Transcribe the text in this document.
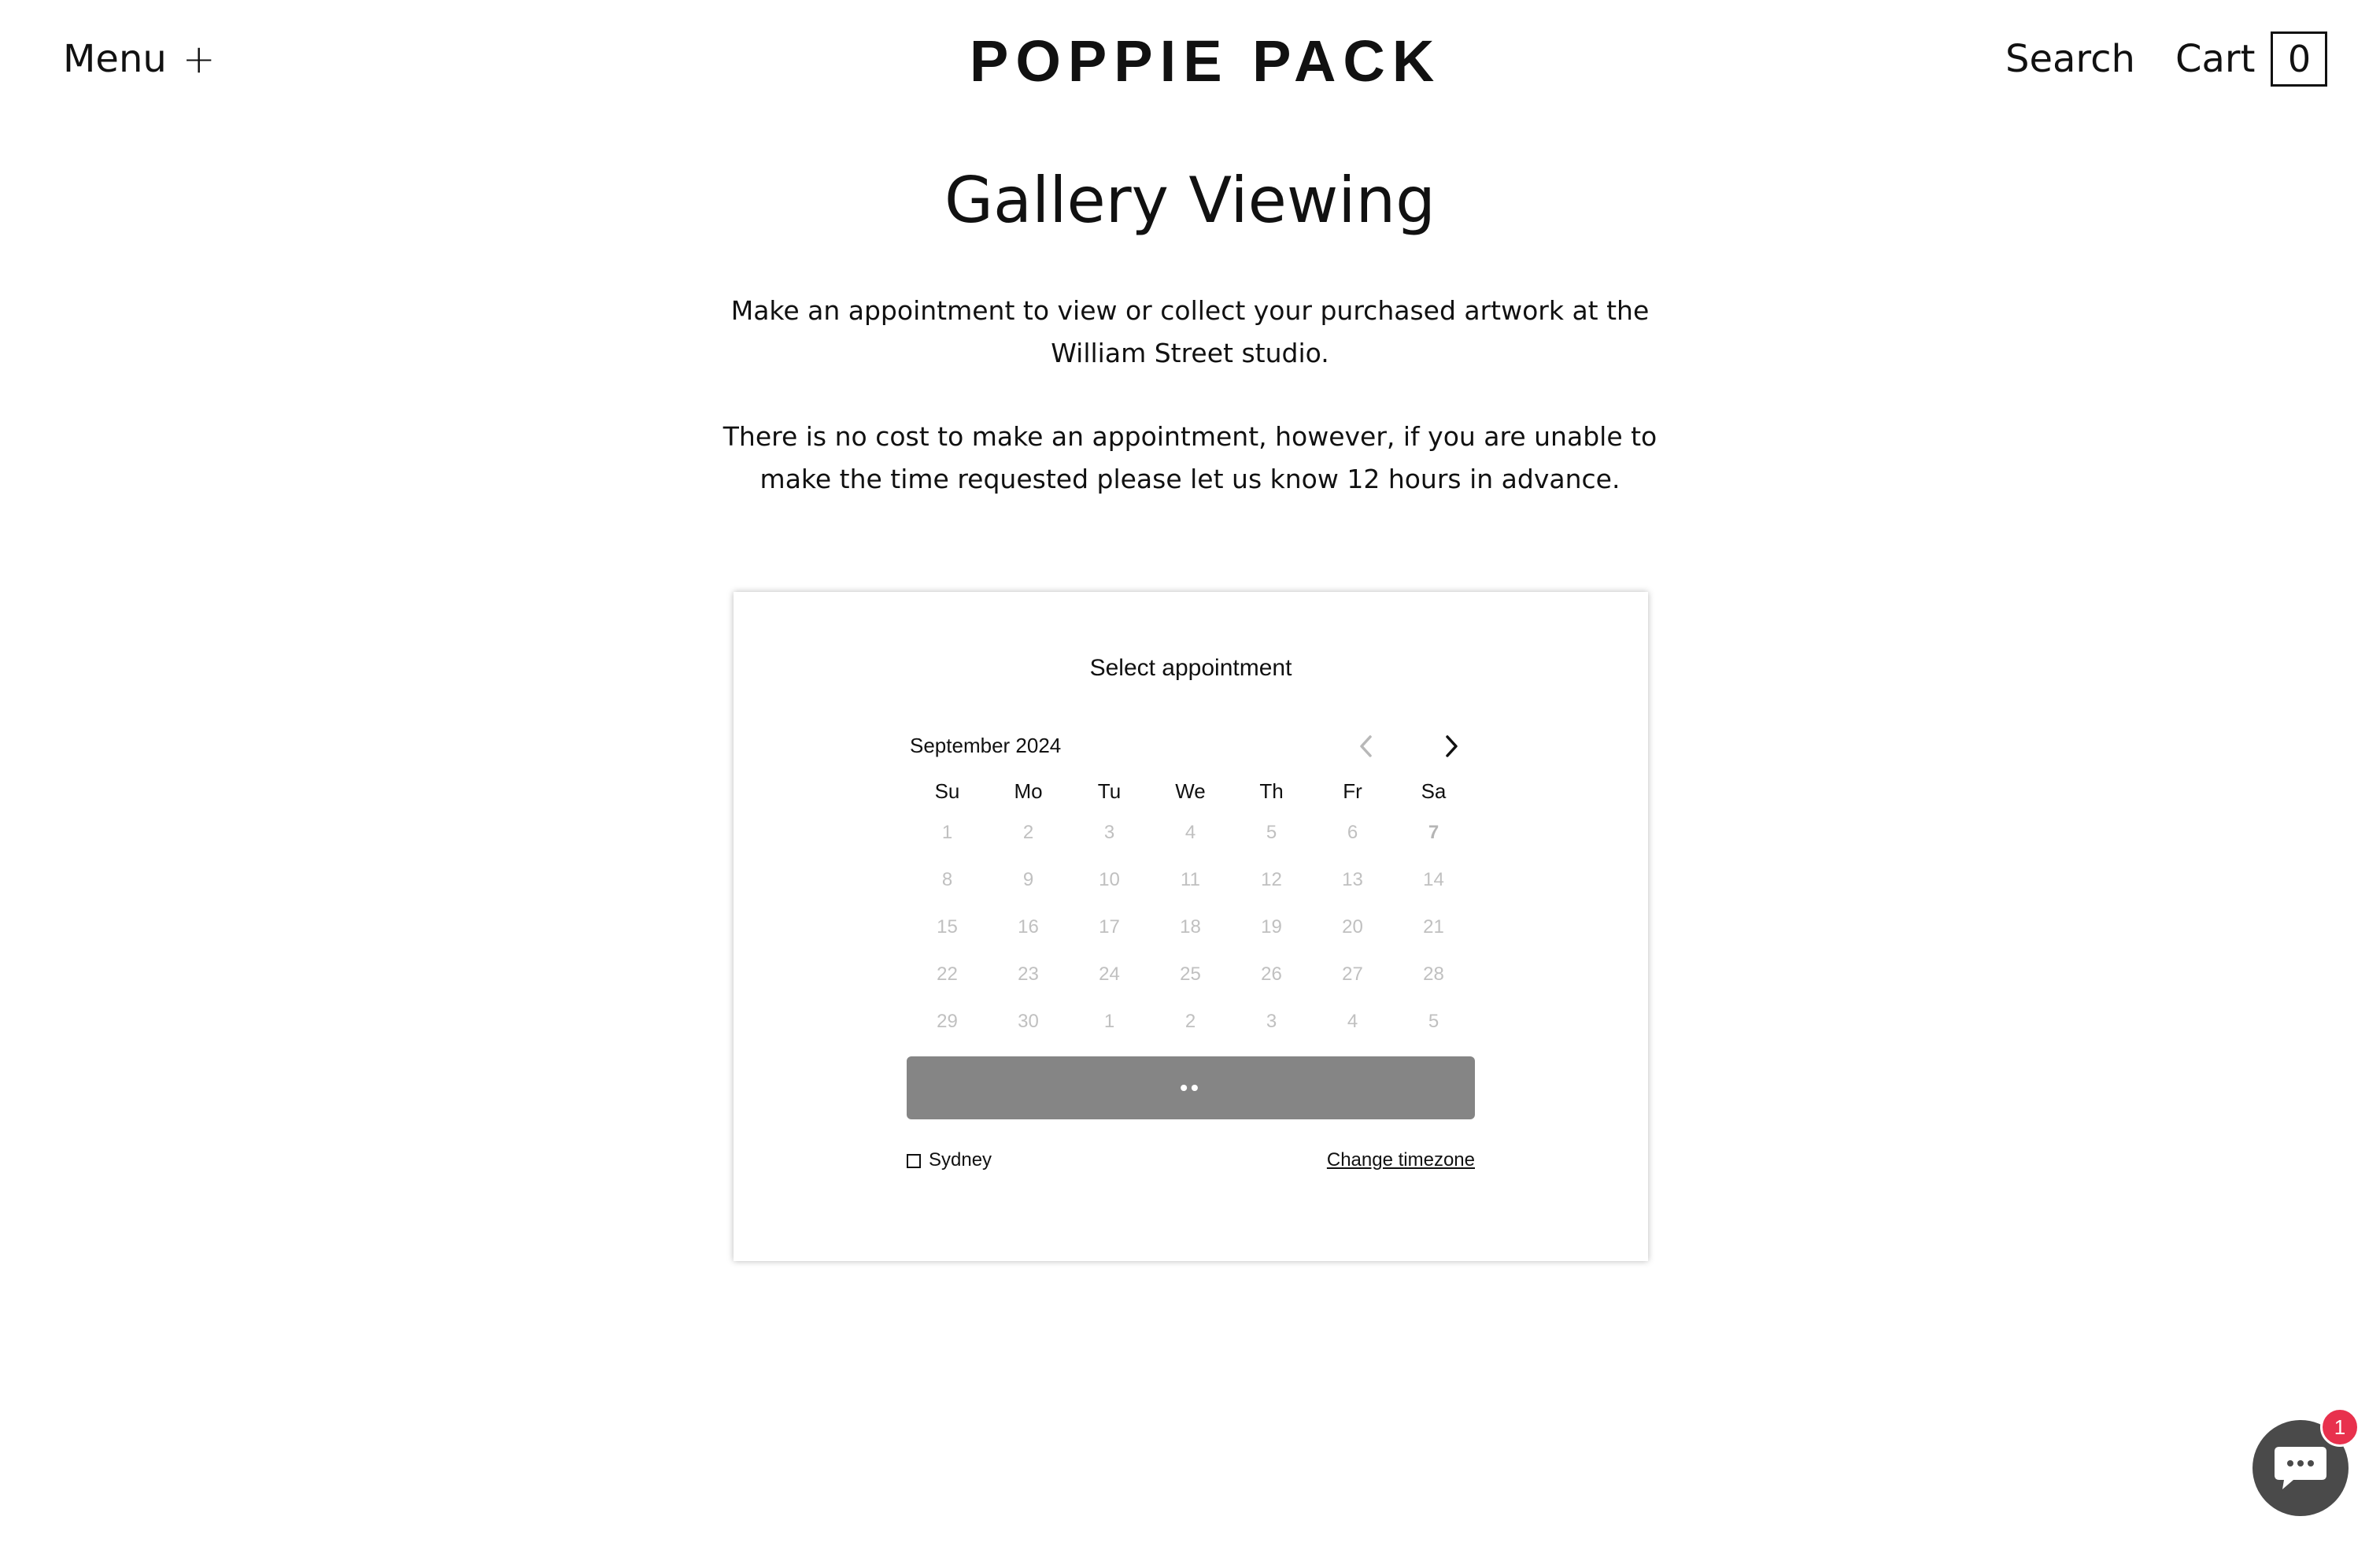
Menu +	POPPIE PACK	Search Cart 0
Gallery Viewing

Make an appointment to view or collect your purchased artwork at the William Street studio.

There is no cost to make an appointment, however, if you are unable to make the time requested please let us know 12 hours in advance.

Select appointment
September 2024
Su	Mo	Tu	We	Th	Fr	Sa
1	2	3	4	5	6	7
8	9	10	11	12	13	14
15	16	17	18	19	20	21
22	23	24	25	26	27	28
29	30	1	2	3	4	5
••
Sydney	Change timezone
1
